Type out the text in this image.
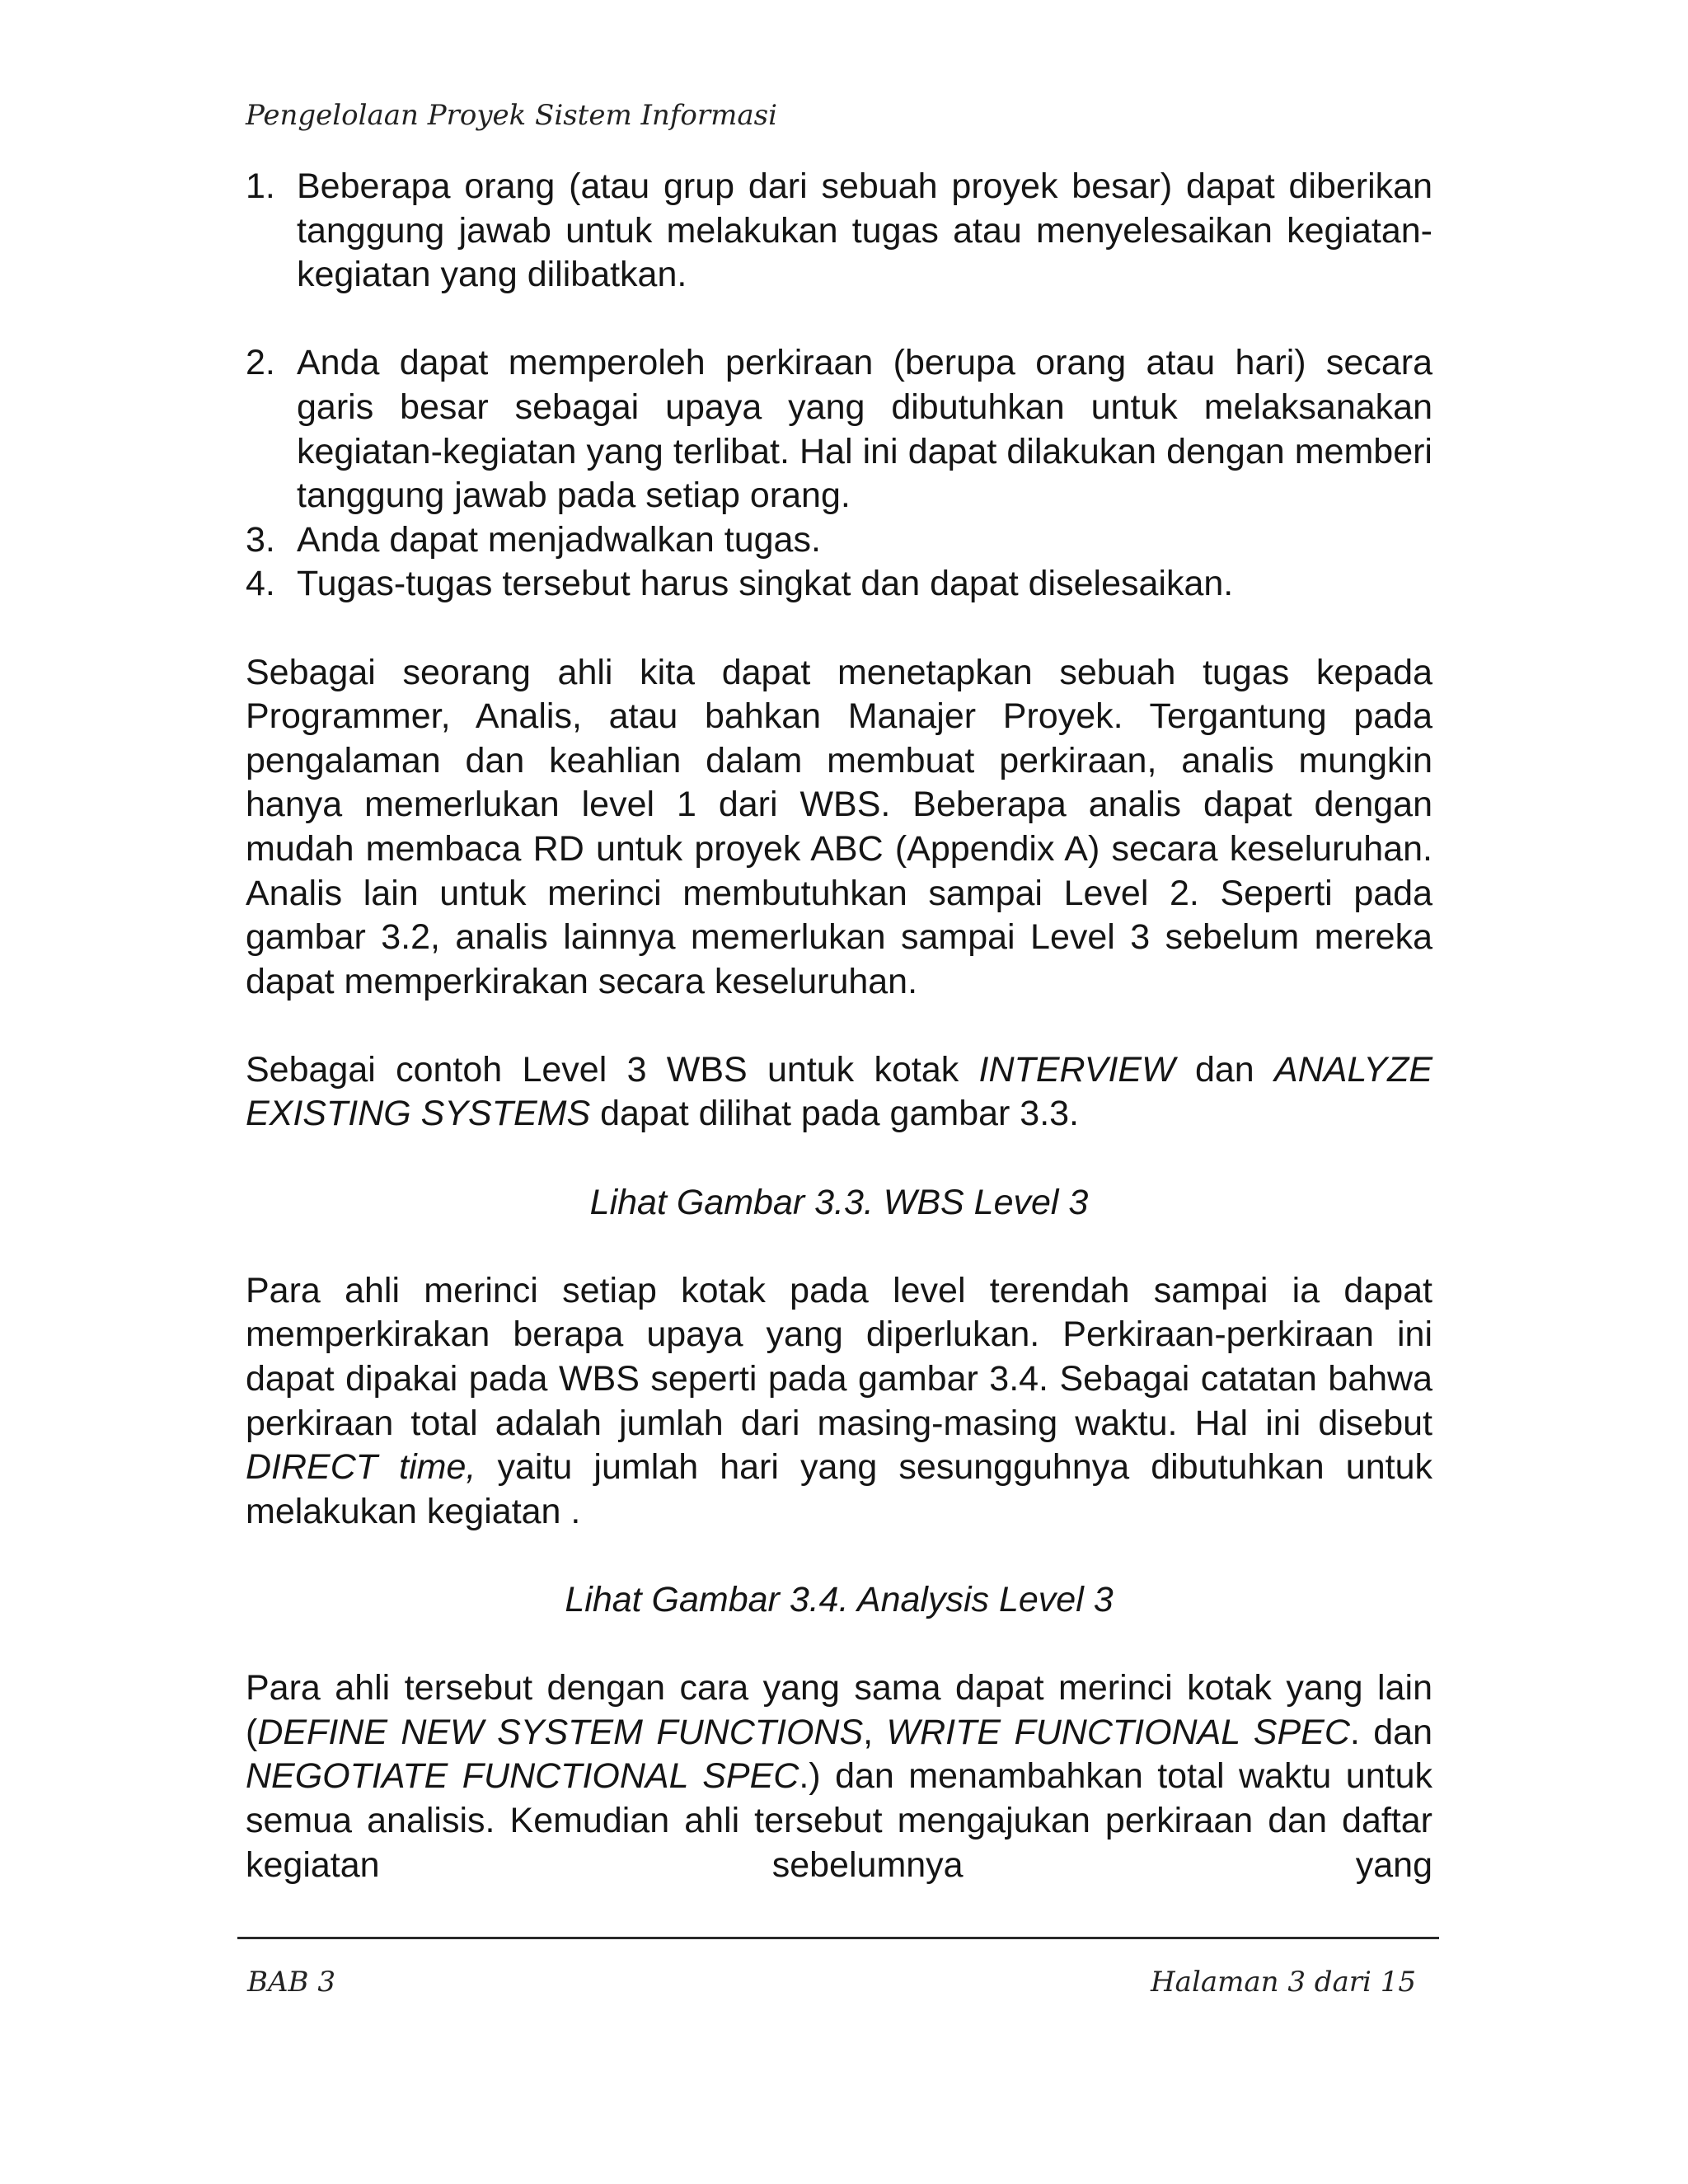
Pengelolaan Proyek Sistem Informasi
1. Beberapa orang (atau grup dari sebuah proyek besar) dapat diberikan tanggung jawab untuk melakukan tugas atau menyelesaikan kegiatan-kegiatan yang dilibatkan.
2. Anda dapat memperoleh perkiraan (berupa orang atau hari) secara garis besar sebagai upaya yang dibutuhkan untuk melaksanakan kegiatan-kegiatan yang terlibat. Hal ini dapat dilakukan dengan memberi tanggung jawab pada setiap orang.
3. Anda dapat menjadwalkan tugas.
4. Tugas-tugas tersebut harus singkat dan dapat diselesaikan.

Sebagai seorang ahli kita dapat menetapkan sebuah tugas kepada Programmer, Analis, atau bahkan Manajer Proyek. Tergantung pada pengalaman dan keahlian dalam membuat perkiraan, analis mungkin hanya memerlukan level 1 dari WBS. Beberapa analis dapat dengan mudah membaca RD untuk proyek ABC (Appendix A) secara keseluruhan. Analis lain untuk merinci membutuhkan sampai Level 2. Seperti pada gambar 3.2, analis lainnya memerlukan sampai Level 3 sebelum mereka dapat memperkirakan secara keseluruhan.

Sebagai contoh Level 3 WBS untuk kotak INTERVIEW dan ANALYZE EXISTING SYSTEMS dapat dilihat pada gambar 3.3.

Lihat Gambar 3.3. WBS Level 3

Para ahli merinci setiap kotak pada level terendah sampai ia dapat memperkirakan berapa upaya yang diperlukan. Perkiraan-perkiraan ini dapat dipakai pada WBS seperti pada gambar 3.4. Sebagai catatan bahwa perkiraan total adalah jumlah dari masing-masing waktu. Hal ini disebut DIRECT time, yaitu jumlah hari yang sesungguhnya dibutuhkan untuk melakukan kegiatan .

Lihat Gambar 3.4. Analysis Level 3

Para ahli tersebut dengan cara yang sama dapat merinci kotak yang lain (DEFINE NEW SYSTEM FUNCTIONS, WRITE FUNCTIONAL SPEC. dan NEGOTIATE FUNCTIONAL SPEC.) dan menambahkan total waktu untuk semua analisis. Kemudian ahli tersebut mengajukan perkiraan dan daftar kegiatan sebelumnya yang

BAB 3	Halaman 3 dari 15
